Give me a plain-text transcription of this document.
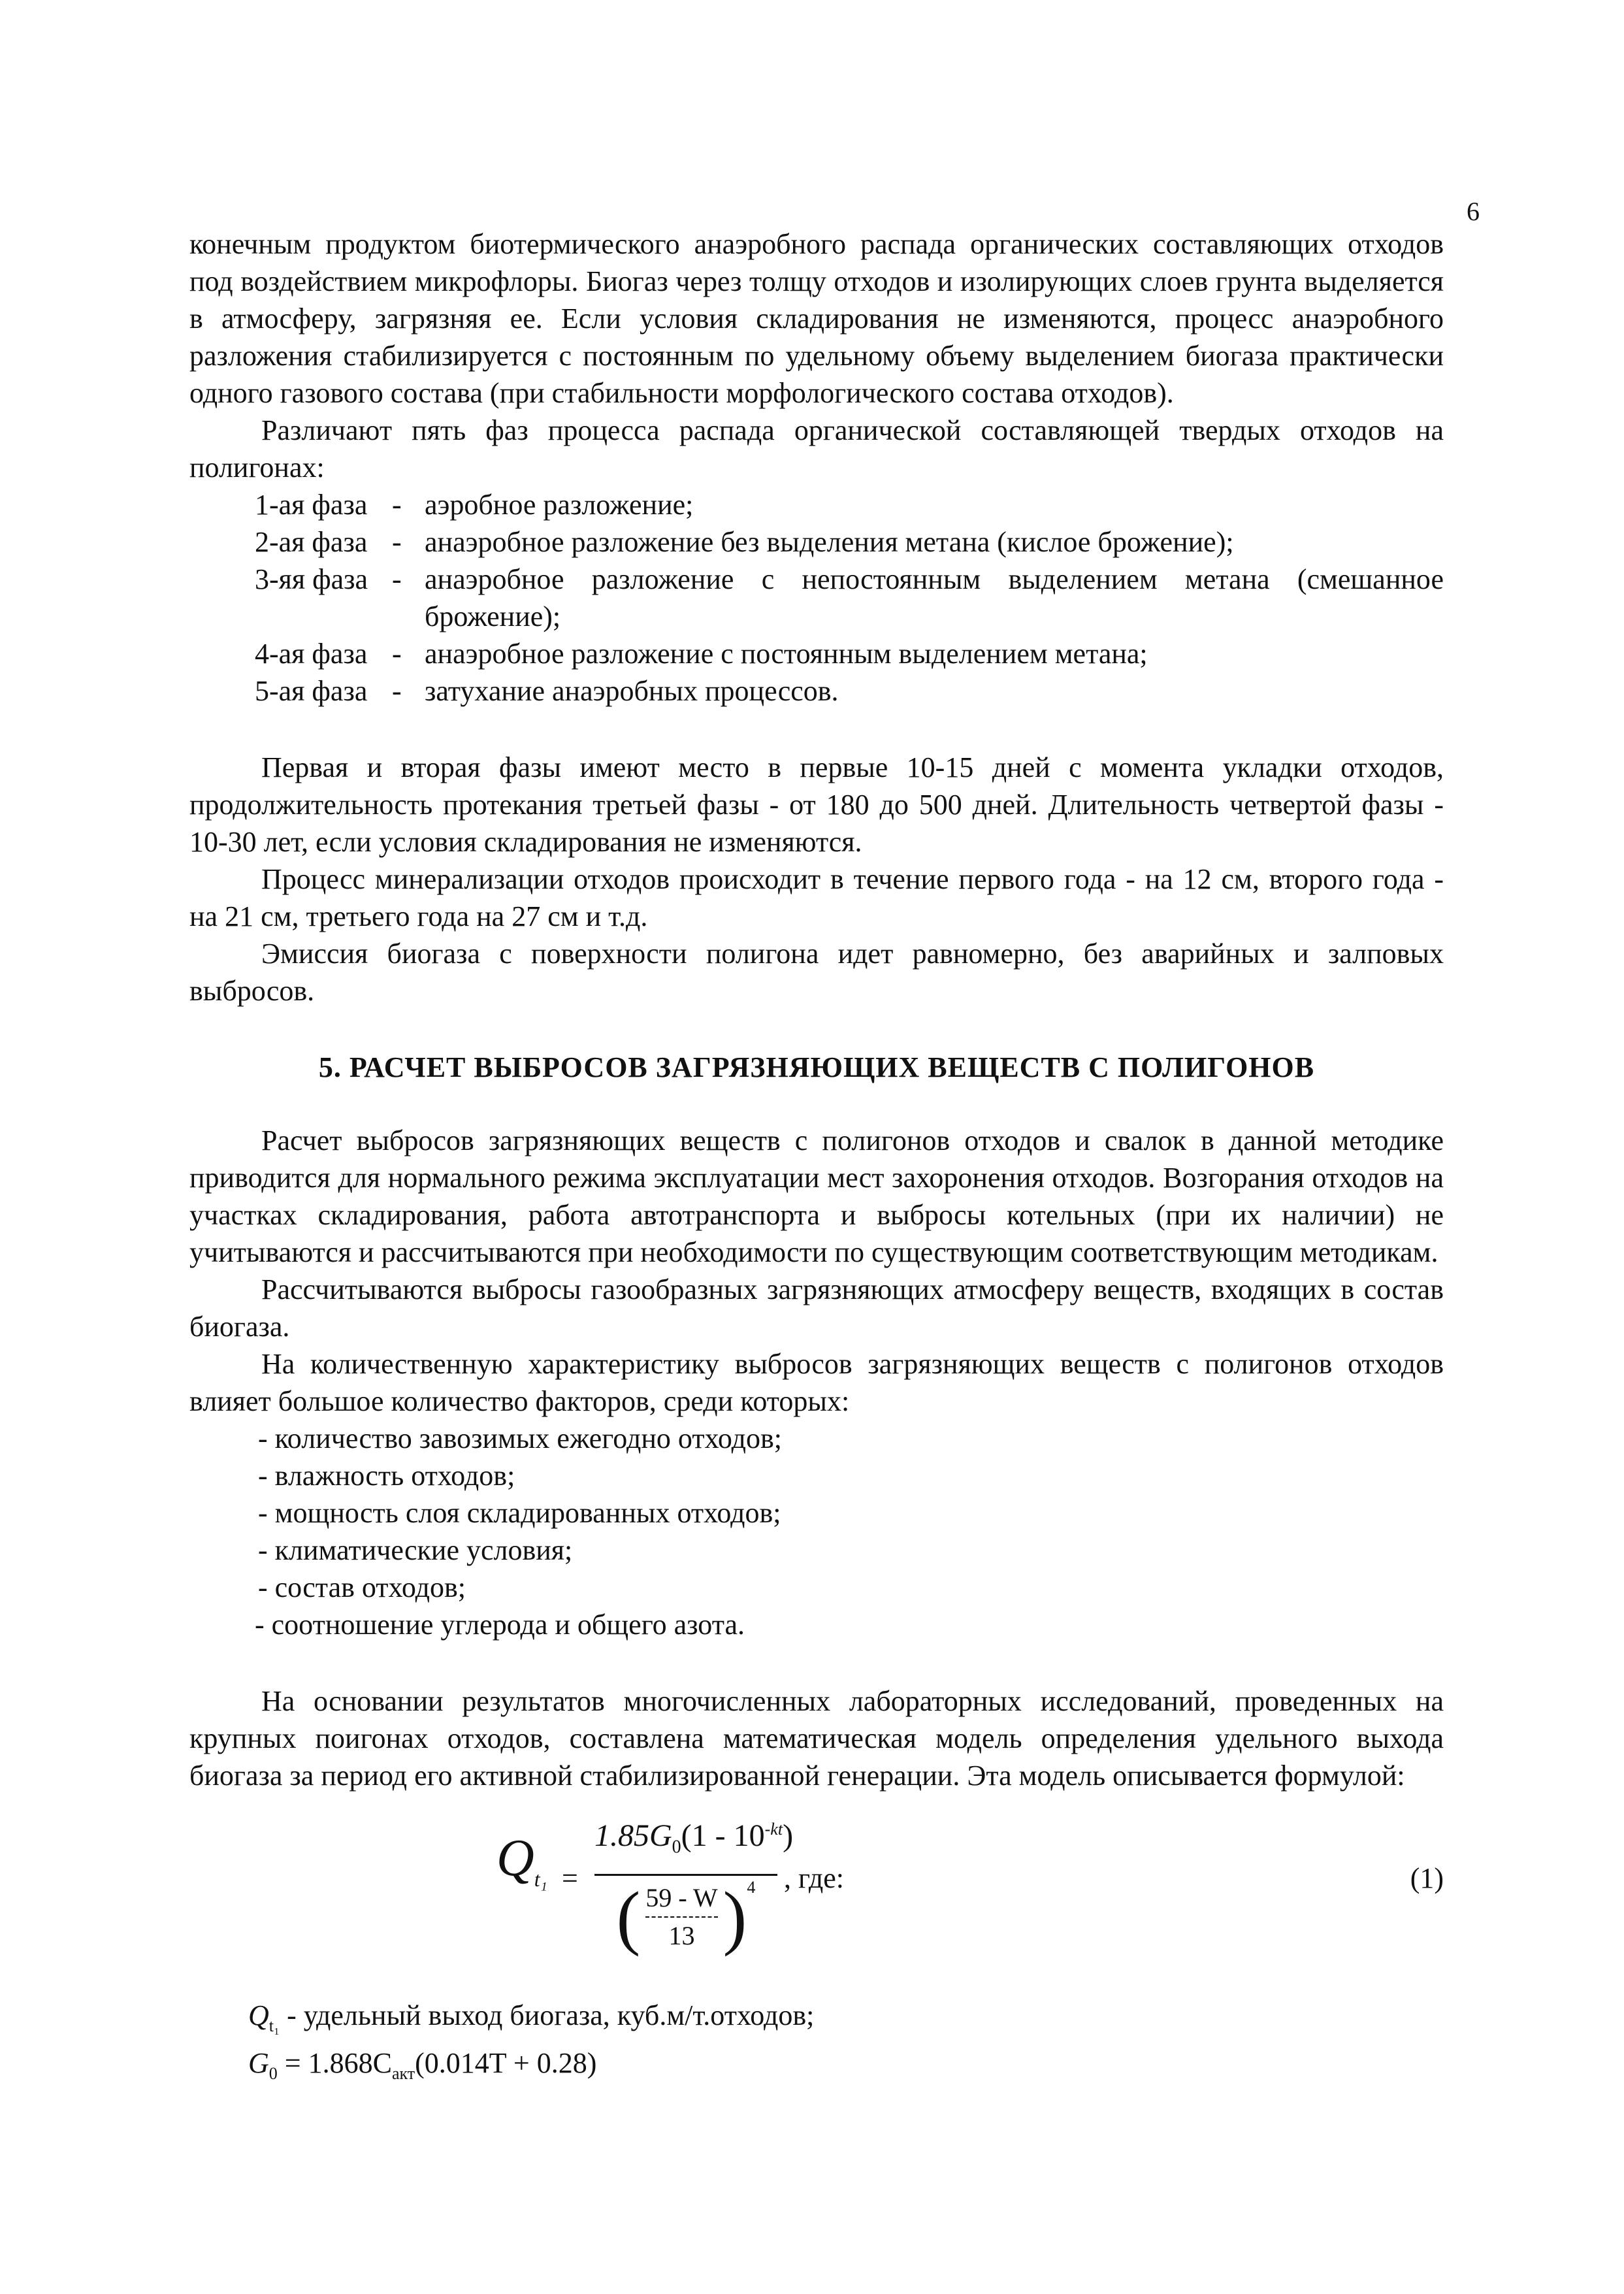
6

конечным продуктом биотермического анаэробного распада органических составляющих отходов под воздействием микрофлоры. Биогаз через толщу отходов и изолирующих слоев грунта выделяется в атмосферу, загрязняя ее. Если условия складирования не изменяются, процесс анаэробного разложения стабилизируется с постоянным по удельному объему выделением биогаза практически одного газового состава (при стабильности морфологического состава отходов).

Различают пять фаз процесса распада органической составляющей твердых отходов на полигонах:

1-ая фаза - аэробное разложение;
2-ая фаза - анаэробное разложение без выделения метана (кислое брожение);
3-яя фаза - анаэробное разложение с непостоянным выделением метана (смешанное брожение);
4-ая фаза - анаэробное разложение с постоянным выделением метана;
5-ая фаза - затухание анаэробных процессов.

Первая и вторая фазы имеют место в первые 10-15 дней с момента укладки отходов, продолжительность протекания третьей фазы - от 180 до 500 дней. Длительность четвертой фазы - 10-30 лет, если условия складирования не изменяются.

Процесс минерализации отходов происходит в течение первого года - на 12 см, второго года - на 21 см, третьего года на 27 см и т.д.

Эмиссия биогаза с поверхности полигона идет равномерно, без аварийных и залповых выбросов.

5. РАСЧЕТ ВЫБРОСОВ ЗАГРЯЗНЯЮЩИХ ВЕЩЕСТВ С ПОЛИГОНОВ

Расчет выбросов загрязняющих веществ с полигонов отходов и свалок в данной методике приводится для нормального режима эксплуатации мест захоронения отходов. Возгорания отходов на участках складирования, работа автотранспорта и выбросы котельных (при их наличии) не учитываются и рассчитываются при необходимости по существующим соответствующим методикам.

Рассчитываются выбросы газообразных загрязняющих атмосферу веществ, входящих в состав биогаза.

На количественную характеристику выбросов загрязняющих веществ с полигонов отходов влияет большое количество факторов, среди которых:

- количество завозимых ежегодно отходов;
- влажность отходов;
- мощность слоя складированных отходов;
- климатические условия;
- состав отходов;
- соотношение углерода и общего азота.

На основании результатов многочисленных лабораторных исследований, проведенных на крупных поигонах отходов, составлена математическая модель определения удельного выхода биогаза за период его активной стабилизированной генерации. Эта модель описывается формулой:

$Q_{t_1}$ =
$1.85G_0(1 - 10^{-kt})$
( $\frac{59 - W}{13} )^4$ , где:	(1)
$Q_{t_1}$ - удельный выход биогаза, куб.м/т.отходов;
$G_0 = 1.868C_{акт}(0.014T + 0.28)$
